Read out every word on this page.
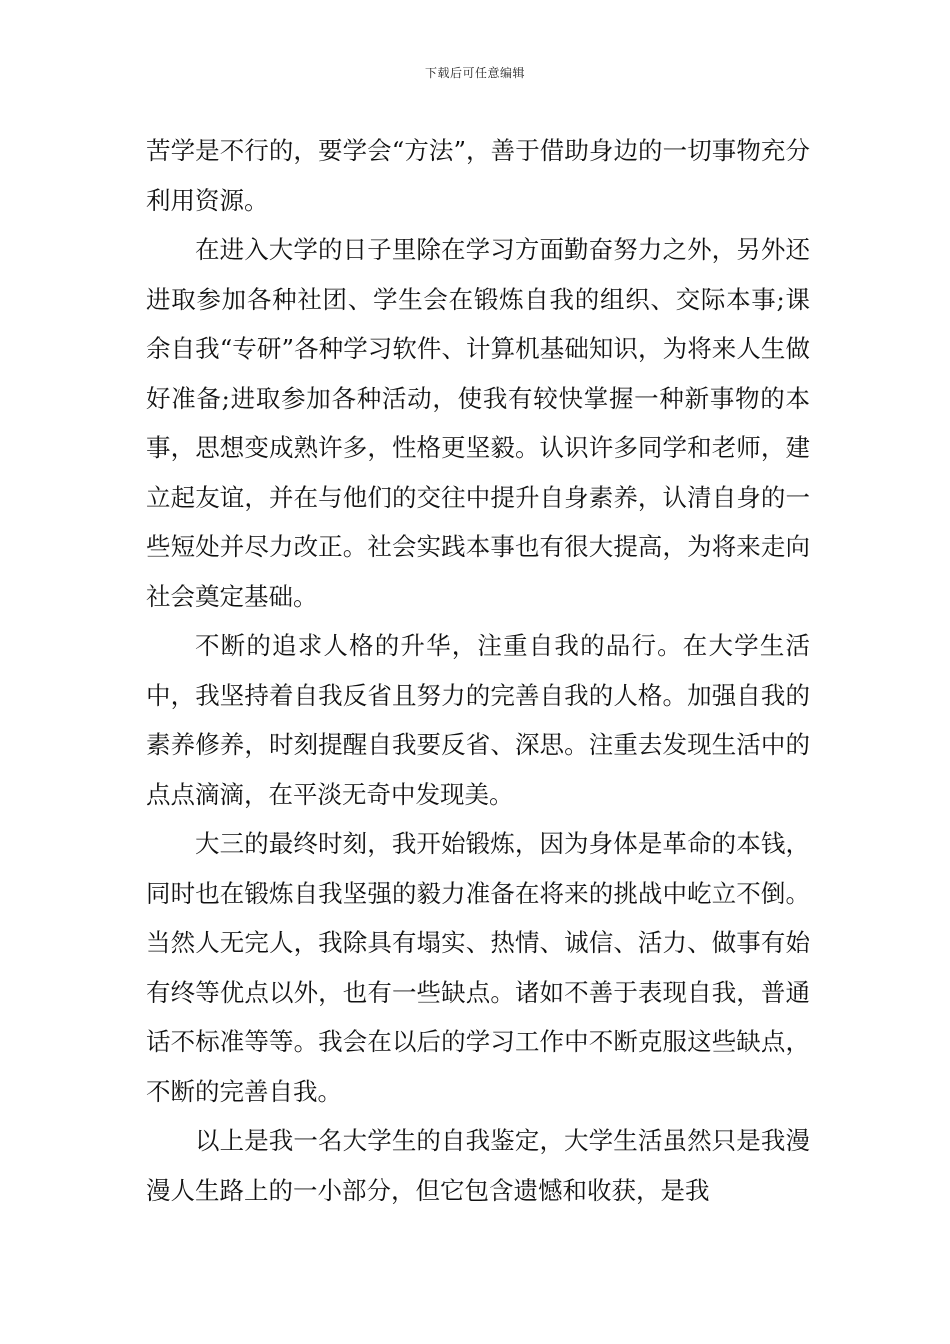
下载后可任意编辑

苦学是不行的，要学会“方法”，善于借助身边的一切事物充分利用资源。

在进入大学的日子里除在学习方面勤奋努力之外，另外还进取参加各种社团、学生会在锻炼自我的组织、交际本事;课余自我“专研”各种学习软件、计算机基础知识，为将来人生做好准备;进取参加各种活动，使我有较快掌握一种新事物的本事，思想变成熟许多，性格更坚毅。认识许多同学和老师，建立起友谊，并在与他们的交往中提升自身素养，认清自身的一些短处并尽力改正。社会实践本事也有很大提高，为将来走向社会奠定基础。

不断的追求人格的升华，注重自我的品行。在大学生活中，我坚持着自我反省且努力的完善自我的人格。加强自我的素养修养，时刻提醒自我要反省、深思。注重去发现生活中的点点滴滴，在平淡无奇中发现美。

大三的最终时刻，我开始锻炼，因为身体是革命的本钱，同时也在锻炼自我坚强的毅力准备在将来的挑战中屹立不倒。当然人无完人，我除具有塌实、热情、诚信、活力、做事有始有终等优点以外，也有一些缺点。诸如不善于表现自我，普通话不标准等等。我会在以后的学习工作中不断克服这些缺点，不断的完善自我。

以上是我一名大学生的自我鉴定，大学生活虽然只是我漫漫人生路上的一小部分，但它包含遗憾和收获，是我
